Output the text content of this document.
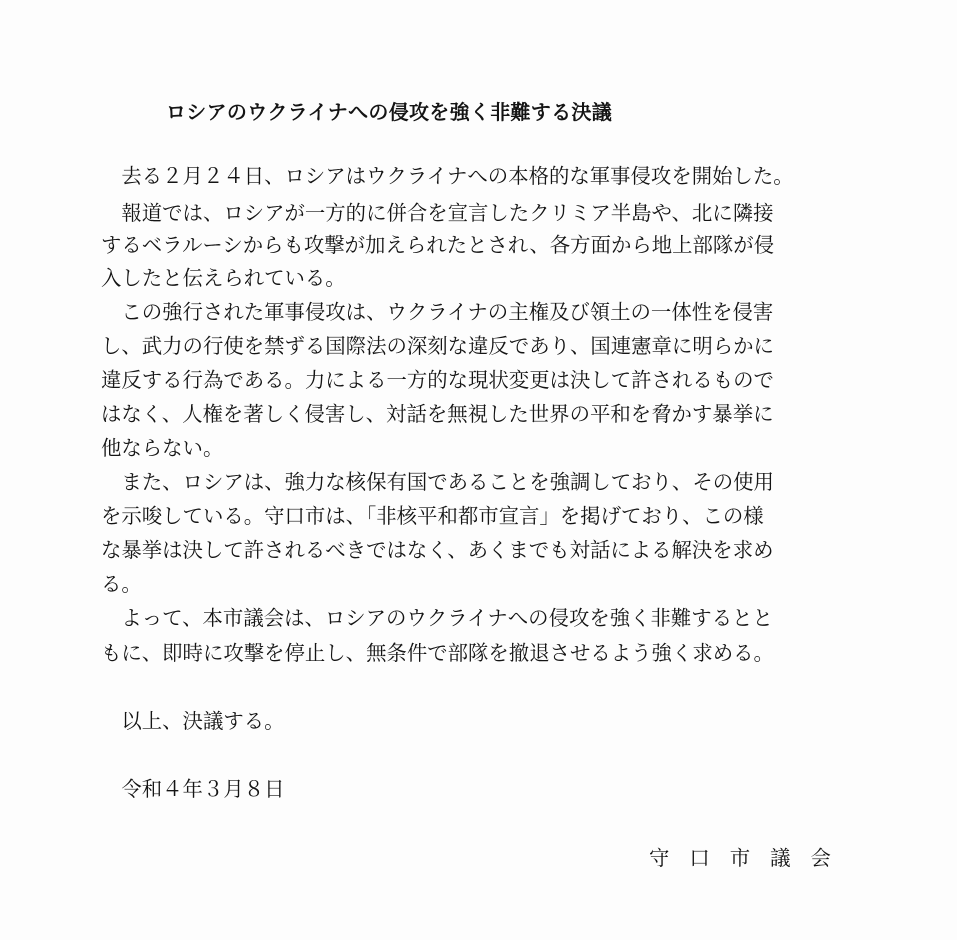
ロシアのウクライナへの侵攻を強く非難する決議

　去る２月２４日、ロシアはウクライナへの本格的な軍事侵攻を開始した。

　報道では、ロシアが一方的に併合を宣言したクリミア半島や、北に隣接

するベラルーシからも攻撃が加えられたとされ、各方面から地上部隊が侵

入したと伝えられている。

　この強行された軍事侵攻は、ウクライナの主権及び領土の一体性を侵害

し、武力の行使を禁ずる国際法の深刻な違反であり、国連憲章に明らかに

違反する行為である。力による一方的な現状変更は決して許されるもので

はなく、人権を著しく侵害し、対話を無視した世界の平和を脅かす暴挙に

他ならない。

　また、ロシアは、強力な核保有国であることを強調しており、その使用

を示唆している。守口市は、「非核平和都市宣言」を掲げており、この様

な暴挙は決して許されるべきではなく、あくまでも対話による解決を求め

る。

　よって、本市議会は、ロシアのウクライナへの侵攻を強く非難するとと

もに、即時に攻撃を停止し、無条件で部隊を撤退させるよう強く求める。

　以上、決議する。

　令和４年３月８日

守口市議会
